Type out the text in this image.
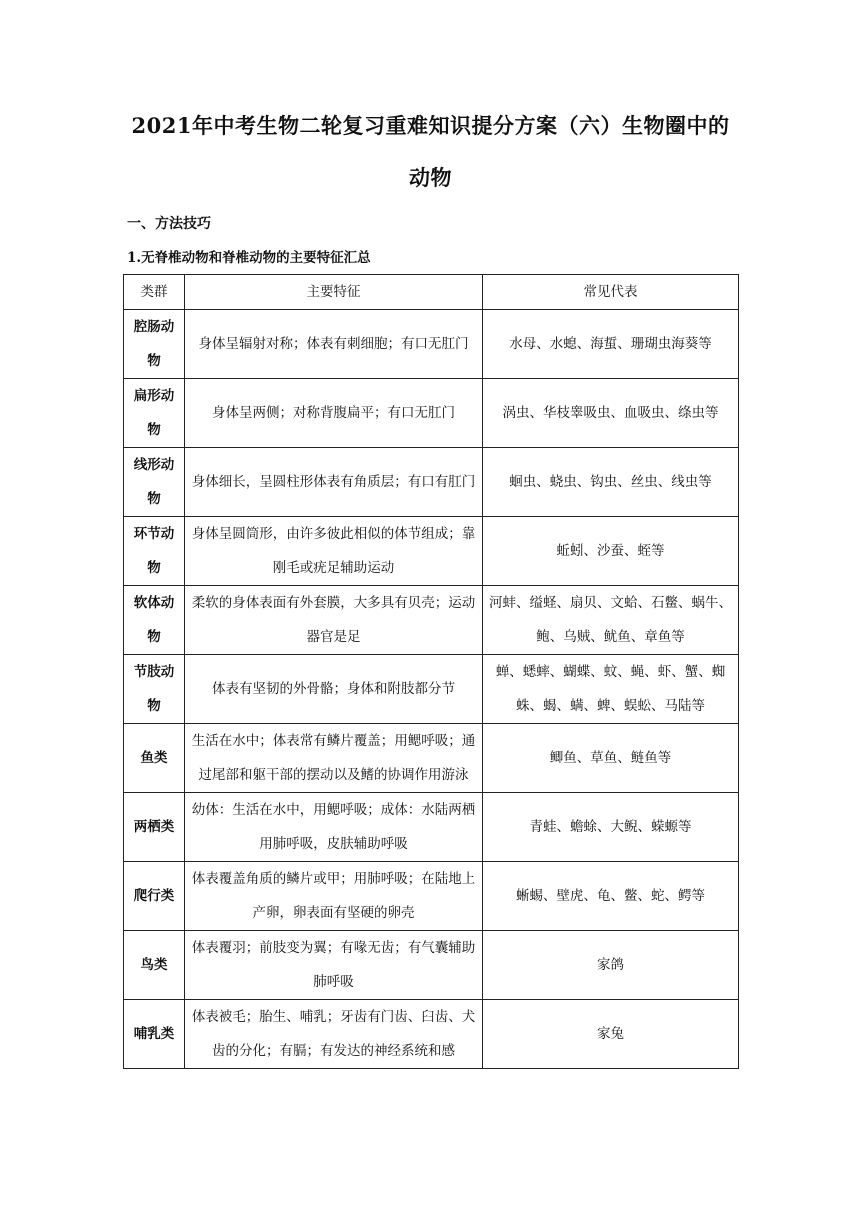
2021年中考生物二轮复习重难知识提分方案（六）生物圈中的
动物
一、方法技巧
1.无脊椎动物和脊椎动物的主要特征汇总
类群	主要特征	常见代表
腔肠动物	身体呈辐射对称；体表有刺细胞；有口无肛门	水母、水螅、海蜇、珊瑚虫海葵等
扁形动物	身体呈两侧；对称背腹扁平；有口无肛门	涡虫、华枝睾吸虫、血吸虫、绦虫等
线形动物	身体细长，呈圆柱形体表有角质层；有口有肛门	蛔虫、蛲虫、钩虫、丝虫、线虫等
环节动物	身体呈圆筒形，由许多彼此相似的体节组成；靠刚毛或疣足辅助运动	蚯蚓、沙蚕、蛭等
软体动物	柔软的身体表面有外套膜，大多具有贝壳；运动器官是足	河蚌、缢蛏、扇贝、文蛤、石鳖、蜗牛、鲍、乌贼、鱿鱼、章鱼等
节肢动物	体表有坚韧的外骨骼；身体和附肢都分节	蝉、蟋蟀、蝴蝶、蚊、蝇、虾、蟹、蜘蛛、蝎、螨、蜱、蜈蚣、马陆等
鱼类	生活在水中；体表常有鳞片覆盖；用鳃呼吸；通过尾部和躯干部的摆动以及鳍的协调作用游泳	鲫鱼、草鱼、鲢鱼等
两栖类	幼体：生活在水中，用鳃呼吸；成体：水陆两栖用肺呼吸，皮肤辅助呼吸	青蛙、蟾蜍、大鲵、蝾螈等
爬行类	体表覆盖角质的鳞片或甲；用肺呼吸；在陆地上产卵，卵表面有坚硬的卵壳	蜥蜴、壁虎、龟、鳖、蛇、鳄等
鸟类	体表覆羽；前肢变为翼；有喙无齿；有气囊辅助肺呼吸	家鸽
哺乳类	体表被毛；胎生、哺乳；牙齿有门齿、臼齿、犬齿的分化；有膈；有发达的神经系统和感	家兔
